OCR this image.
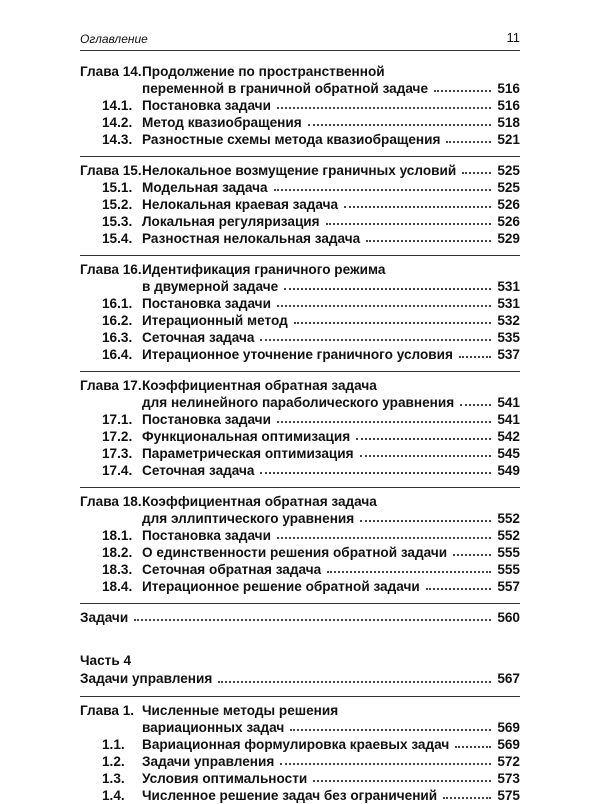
Оглавление	11
Глава 14.Продолжение по пространственной
переменной в граничной обратной задаче	516
14.1. Постановка задачи	516
14.2. Метод квазиобращения	518
14.3. Разностные схемы метода квазиобращения	521
Глава 15.Нелокальное возмущение граничных условий	525
15.1. Модельная задача	525
15.2. Нелокальная краевая задача	526
15.3. Локальная регуляризация	526
15.4. Разностная нелокальная задача	529
Глава 16.Идентификация граничного режима
в двумерной задаче	531
16.1. Постановка задачи	531
16.2. Итерационный метод	532
16.3. Сеточная задача	535
16.4. Итерационное уточнение граничного условия	537
Глава 17.Коэффициентная обратная задача
для нелинейного параболического уравнения	541
17.1. Постановка задачи	541
17.2. Функциональная оптимизация	542
17.3. Параметрическая оптимизация	545
17.4. Сеточная задача	549
Глава 18.Коэффициентная обратная задача
для эллиптического уравнения	552
18.1. Постановка задачи	552
18.2. О единственности решения обратной задачи	555
18.3. Сеточная обратная задача	555
18.4. Итерационное решение обратной задачи	557
Задачи	560
Часть 4
Задачи управления	567
Глава 1. Численные методы решения
вариационных задач	569
1.1. Вариационная формулировка краевых задач	569
1.2. Задачи управления	572
1.3. Условия оптимальности	573
1.4. Численное решение задач без ограничений	575
